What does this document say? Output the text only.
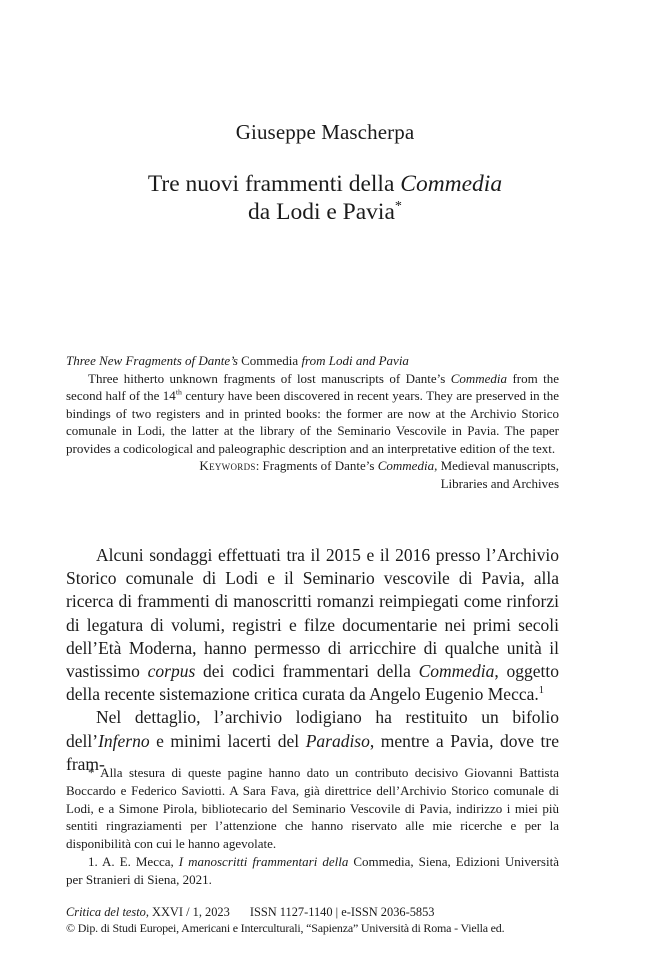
Giuseppe Mascherpa
Tre nuovi frammenti della Commedia
da Lodi e Pavia*

Three New Fragments of Dante’s Commedia from Lodi and Pavia

Three hitherto unknown fragments of lost manuscripts of Dante’s Commedia from the second half of the 14th century have been discovered in recent years. They are preserved in the bindings of two registers and in printed books: the former are now at the Archivio Storico comunale in Lodi, the latter at the library of the Seminario Vescovile in Pavia. The paper provides a codicological and paleographic description and an interpretative edition of the text.

Keywords: Fragments of Dante’s Commedia, Medieval manuscripts, Libraries and Archives

Alcuni sondaggi effettuati tra il 2015 e il 2016 presso l’Archivio Storico comunale di Lodi e il Seminario vescovile di Pavia, alla ricerca di frammenti di manoscritti romanzi reimpiegati come rinforzi di legatura di volumi, registri e filze documentarie nei primi secoli dell’Età Moderna, hanno permesso di arricchire di qualche unità il vastissimo corpus dei codici frammentari della Commedia, oggetto della recente sistemazione critica curata da Angelo Eugenio Mecca.$^1$

Nel dettaglio, l’archivio lodigiano ha restituito un bifolio dell’Inferno e minimi lacerti del Paradiso, mentre a Pavia, dove tre fram-

* Alla stesura di queste pagine hanno dato un contributo decisivo Giovanni Battista Boccardo e Federico Saviotti. A Sara Fava, già direttrice dell’Archivio Storico comunale di Lodi, e a Simone Pirola, bibliotecario del Seminario Vescovile di Pavia, indirizzo i miei più sentiti ringraziamenti per l’attenzione che hanno riservato alle mie ricerche e per la disponibilità con cui le hanno agevolate.

1. A. E. Mecca, I manoscritti frammentari della Commedia, Siena, Edizioni Università per Stranieri di Siena, 2021.

Critica del testo, XXVI / 1, 2023 ISSN 1127-1140 | e-ISSN 2036-5853
© Dip. di Studi Europei, Americani e Interculturali, “Sapienza” Università di Roma - Viella ed.
